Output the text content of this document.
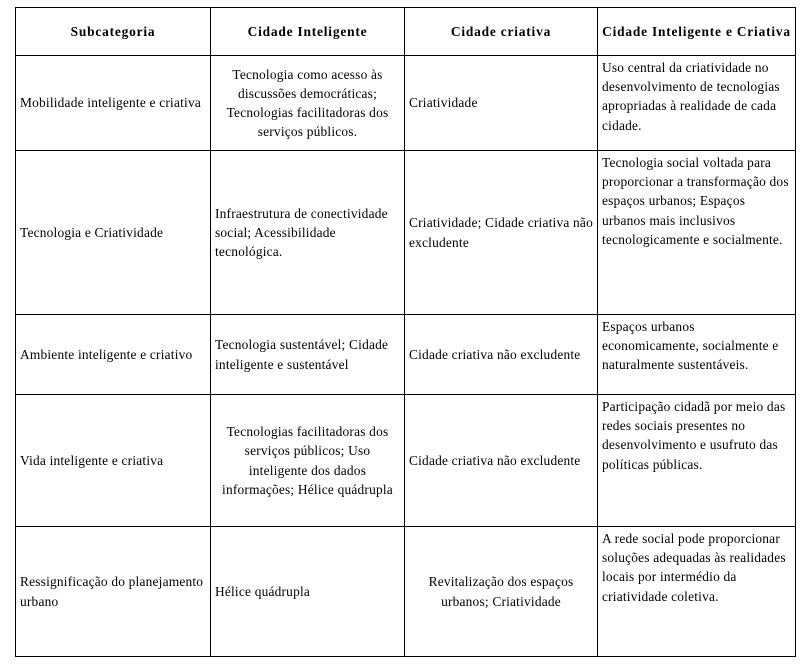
Subcategoria	Cidade Inteligente	Cidade criativa	Cidade Inteligente e Criativa
Mobilidade inteligente e criativa	Tecnologia como acesso às discussões democráticas; Tecnologias facilitadoras dos serviços públicos.	Criatividade	Uso central da criatividade no desenvolvimento de tecnologias apropriadas à realidade de cada cidade.
Tecnologia e Criatividade	Infraestrutura de conectividade social; Acessibilidade tecnológica.	Criatividade; Cidade criativa não excludente	Tecnologia social voltada para proporcionar a transformação dos espaços urbanos; Espaços urbanos mais inclusivos tecnologicamente e socialmente.
Ambiente inteligente e criativo	Tecnologia sustentável; Cidade inteligente e sustentável	Cidade criativa não excludente	Espaços urbanos economicamente, socialmente e naturalmente sustentáveis.
Vida inteligente e criativa	Tecnologias facilitadoras dos serviços públicos; Uso inteligente dos dados informações; Hélice quádrupla	Cidade criativa não excludente	Participação cidadã por meio das redes sociais presentes no desenvolvimento e usufruto das políticas públicas.
Ressignificação do planejamento urbano	Hélice quádrupla	Revitalização dos espaços urbanos; Criatividade	A rede social pode proporcionar soluções adequadas às realidades locais por intermédio da criatividade coletiva.
